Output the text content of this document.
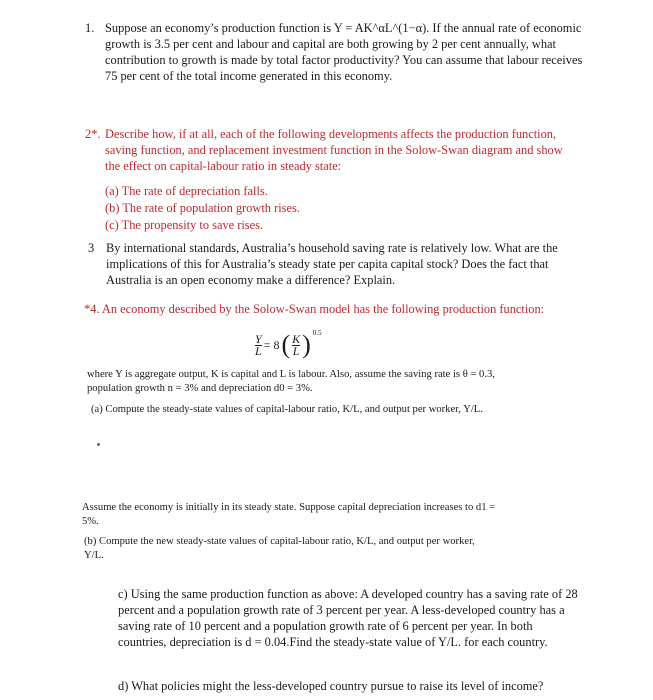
1. Suppose an economy’s production function is Y = AK^αL^(1−α). If the annual rate of economic growth is 3.5 per cent and labour and capital are both growing by 2 per cent annually, what contribution to growth is made by total factor productivity? You can assume that labour receives 75 per cent of the total income generated in this economy.
2*. Describe how, if at all, each of the following developments affects the production function, saving function, and replacement investment function in the Solow-Swan diagram and show the effect on capital-labour ratio in steady state:
(a) The rate of depreciation falls.
(b) The rate of population growth rises.
(c) The propensity to save rises.
3 By international standards, Australia’s household saving rate is relatively low. What are the implications of this for Australia’s steady state per capita capital stock? Does the fact that Australia is an open economy make a difference? Explain.
*4. An economy described by the Solow-Swan model has the following production function:
$\frac{Y}{L} = 8$ ( $\frac{K}{L}$ ) 0.5
where Y is aggregate output, K is capital and L is labour. Also, assume the saving rate is θ = 0.3, population growth n = 3% and depreciation d0 = 3%.
(a) Compute the steady-state values of capital-labour ratio, K/L, and output per worker, Y/L.
Assume the economy is initially in its steady state. Suppose capital depreciation increases to d1 = 5%.
(b) Compute the new steady-state values of capital-labour ratio, K/L, and output per worker, Y/L.
c) Using the same production function as above: A developed country has a saving rate of 28 percent and a population growth rate of 3 percent per year. A less-developed country has a saving rate of 10 percent and a population growth rate of 6 percent per year. In both countries, depreciation is d = 0.04.Find the steady-state value of Y/L. for each country.
d) What policies might the less-developed country pursue to raise its level of income?
